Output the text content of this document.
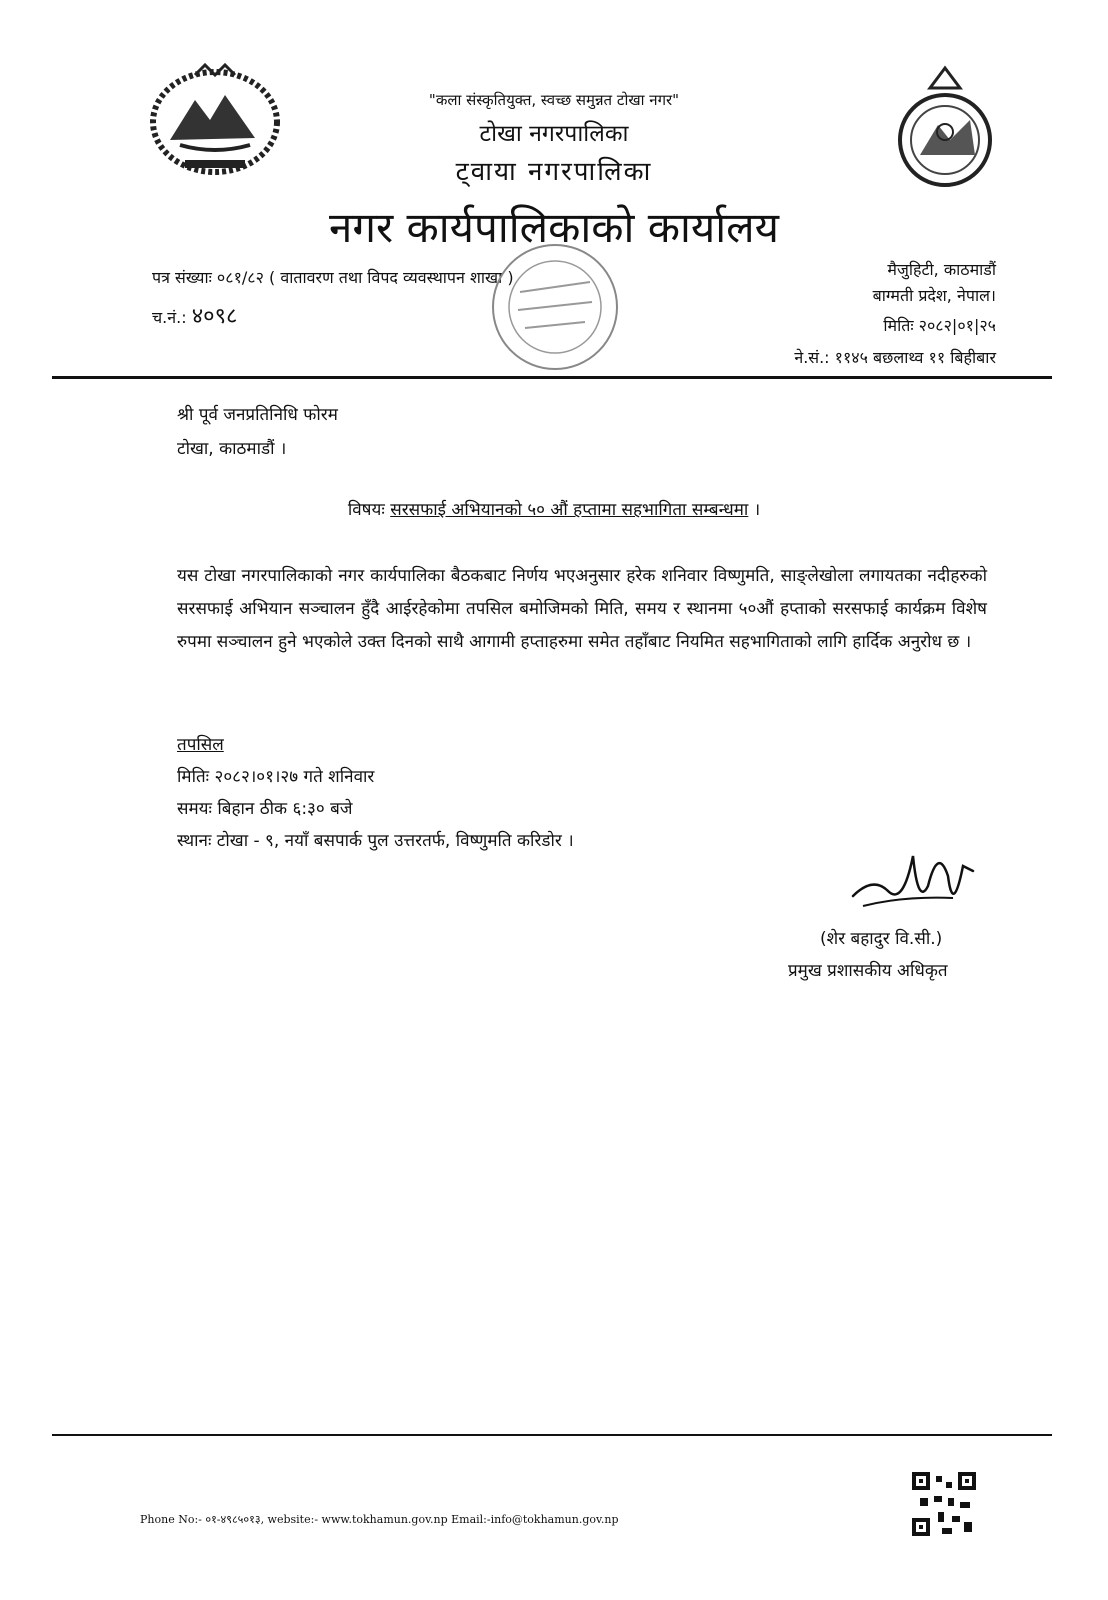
"कला संस्कृतियुक्त, स्वच्छ समुन्नत टोखा नगर"
टोखा नगरपालिका
ट्वाया नगरपालिका
नगर कार्यपालिकाको कार्यालय
पत्र संख्याः ०८१/८२ ( वातावरण तथा विपद व्यवस्थापन शाखा )
च.नं.: ४०९८
मैजुहिटी, काठमाडौं
बाग्मती प्रदेश, नेपाल।
मितिः २०८२|०१|२५
ने.सं.: ११४५ बछलाथ्व ११ बिहीबार
श्री पूर्व जनप्रतिनिधि फोरम
टोखा, काठमाडौं ।
विषयः सरसफाई अभियानको ५० औं हप्तामा सहभागिता सम्बन्धमा ।
यस टोखा नगरपालिकाको नगर कार्यपालिका बैठकबाट निर्णय भएअनुसार हरेक शनिवार विष्णुमति, साङ्लेखोला लगायतका नदीहरुको सरसफाई अभियान सञ्चालन हुँदै आईरहेकोमा तपसिल बमोजिमको मिति, समय र स्थानमा ५०औं हप्ताको सरसफाई कार्यक्रम विशेष रुपमा सञ्चालन हुने भएकोले उक्त दिनको साथै आगामी हप्ताहरुमा समेत तहाँबाट नियमित सहभागिताको लागि हार्दिक अनुरोध छ ।
तपसिल
मितिः २०८२।०१।२७ गते शनिवार
समयः बिहान ठीक ६:३० बजे
स्थानः टोखा - ९, नयाँ बसपार्क पुल उत्तरतर्फ, विष्णुमति करिडोर ।
(शेर बहादुर वि.सी.)
प्रमुख प्रशासकीय अधिकृत
Phone No:- ०१-४९८५०१३, website:- www.tokhamun.gov.np Email:-info@tokhamun.gov.np
